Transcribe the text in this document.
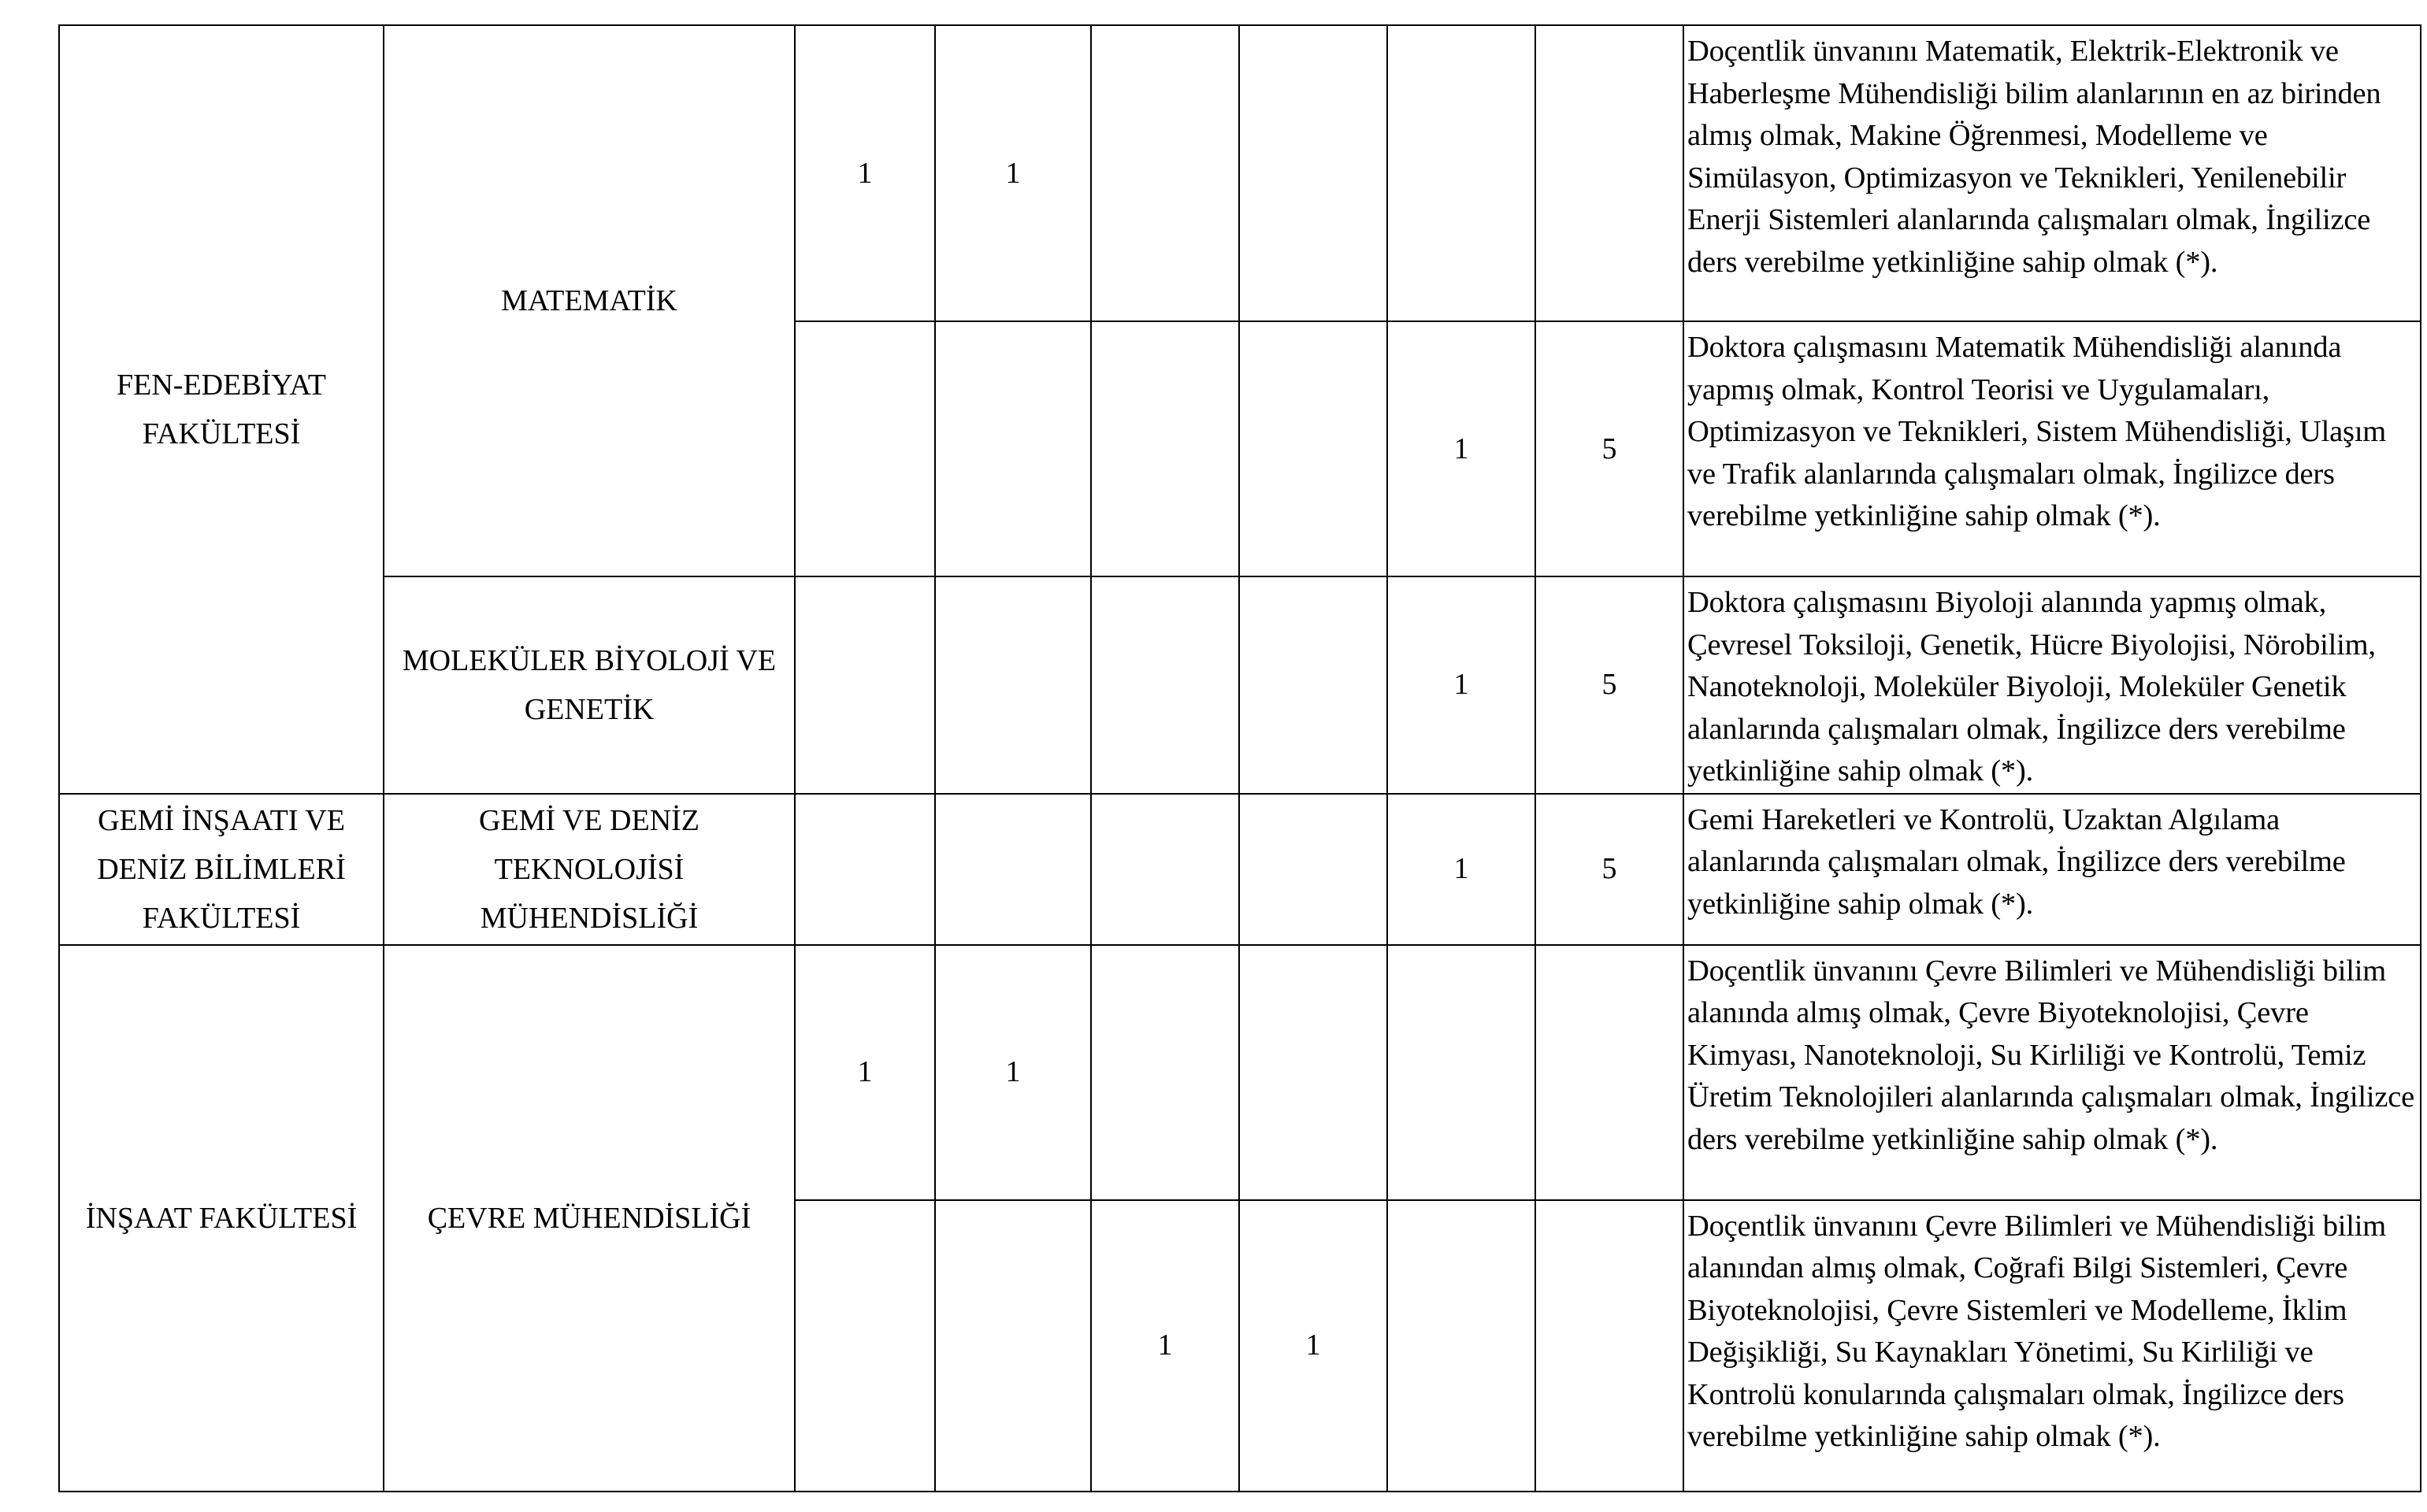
FEN-EDEBİYAT FAKÜLTESİ	MATEMATİK	1	1					Doçentlik ünvanını Matematik, Elektrik-Elektronik ve Haberleşme Mühendisliği bilim alanlarının en az birinden almış olmak, Makine Öğrenmesi, Modelleme ve Simülasyon, Optimizasyon ve Teknikleri, Yenilenebilir Enerji Sistemleri alanlarında çalışmaları olmak, İngilizce ders verebilme yetkinliğine sahip olmak (*).
						1	5	Doktora çalışmasını Matematik Mühendisliği alanında yapmış olmak, Kontrol Teorisi ve Uygulamaları, Optimizasyon ve Teknikleri, Sistem Mühendisliği, Ulaşım ve Trafik alanlarında çalışmaları olmak, İngilizce ders verebilme yetkinliğine sahip olmak (*).
	MOLEKÜLER BİYOLOJİ VE GENETİK					1	5	Doktora çalışmasını Biyoloji alanında yapmış olmak, Çevresel Toksiloji, Genetik, Hücre Biyolojisi, Nörobilim, Nanoteknoloji, Moleküler Biyoloji, Moleküler Genetik alanlarında çalışmaları olmak, İngilizce ders verebilme yetkinliğine sahip olmak (*).
GEMİ İNŞAATI VE DENİZ BİLİMLERİ FAKÜLTESİ	GEMİ VE DENİZ TEKNOLOJİSİ MÜHENDİSLİĞİ					1	5	Gemi Hareketleri ve Kontrolü, Uzaktan Algılama alanlarında çalışmaları olmak, İngilizce ders verebilme yetkinliğine sahip olmak (*).
İNŞAAT FAKÜLTESİ	ÇEVRE MÜHENDİSLİĞİ	1	1					Doçentlik ünvanını Çevre Bilimleri ve Mühendisliği bilim alanında almış olmak, Çevre Biyoteknolojisi, Çevre Kimyası, Nanoteknoloji, Su Kirliliği ve Kontrolü, Temiz Üretim Teknolojileri alanlarında çalışmaları olmak, İngilizce ders verebilme yetkinliğine sahip olmak (*).
				1	1			Doçentlik ünvanını Çevre Bilimleri ve Mühendisliği bilim alanından almış olmak, Coğrafi Bilgi Sistemleri, Çevre Biyoteknolojisi, Çevre Sistemleri ve Modelleme, İklim Değişikliği, Su Kaynakları Yönetimi, Su Kirliliği ve Kontrolü konularında çalışmaları olmak, İngilizce ders verebilme yetkinliğine sahip olmak (*).
